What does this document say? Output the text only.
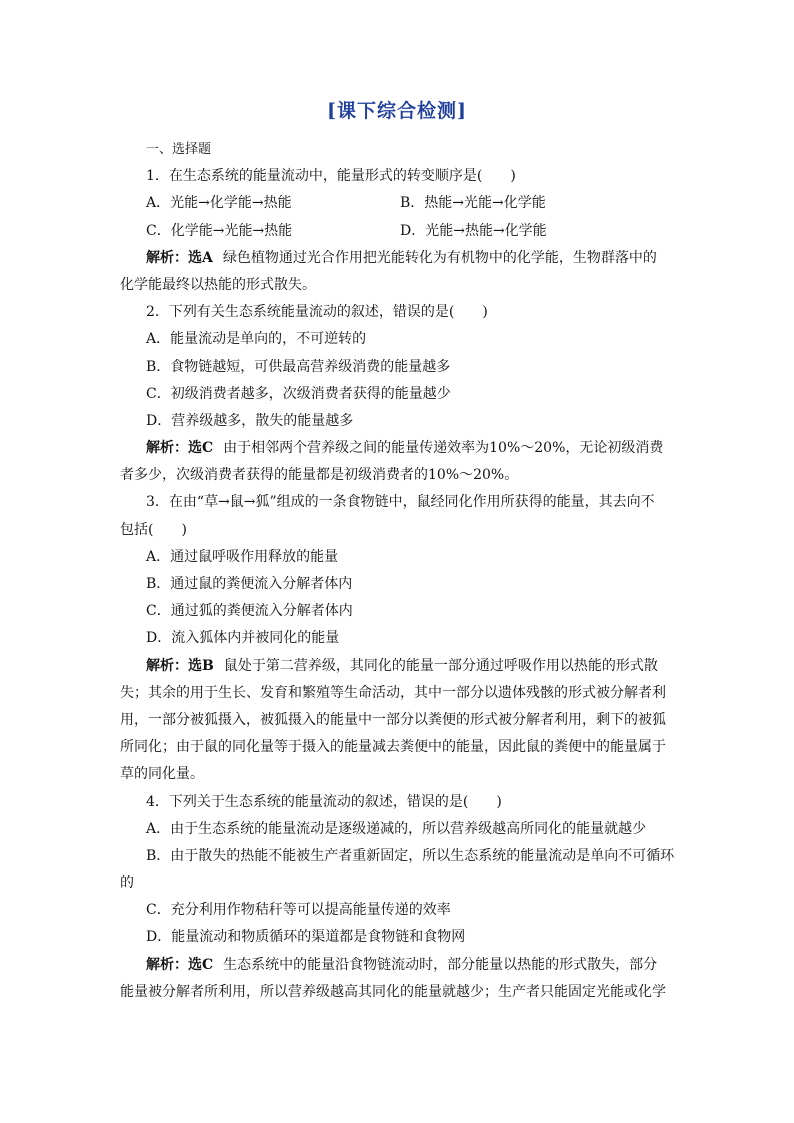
[课下综合检测]
一、选择题
1．在生态系统的能量流动中，能量形式的转变顺序是(　　)
A．光能→化学能→热能	B．热能→光能→化学能
C．化学能→光能→热能	D．光能→热能→化学能
解析：选A 绿色植物通过光合作用把光能转化为有机物中的化学能，生物群落中的
化学能最终以热能的形式散失。
2．下列有关生态系统能量流动的叙述，错误的是(　　)
A．能量流动是单向的，不可逆转的
B．食物链越短，可供最高营养级消费的能量越多
C．初级消费者越多，次级消费者获得的能量越少
D．营养级越多，散失的能量越多
解析：选C 由于相邻两个营养级之间的能量传递效率为10%～20%，无论初级消费
者多少，次级消费者获得的能量都是初级消费者的10%～20%。
3．在由“草→鼠→狐”组成的一条食物链中，鼠经同化作用所获得的能量，其去向不
包括(　　)
A．通过鼠呼吸作用释放的能量
B．通过鼠的粪便流入分解者体内
C．通过狐的粪便流入分解者体内
D．流入狐体内并被同化的能量
解析：选B 鼠处于第二营养级，其同化的能量一部分通过呼吸作用以热能的形式散
失；其余的用于生长、发育和繁殖等生命活动，其中一部分以遗体残骸的形式被分解者利
用，一部分被狐摄入，被狐摄入的能量中一部分以粪便的形式被分解者利用，剩下的被狐
所同化；由于鼠的同化量等于摄入的能量减去粪便中的能量，因此鼠的粪便中的能量属于
草的同化量。
4．下列关于生态系统的能量流动的叙述，错误的是(　　)
A．由于生态系统的能量流动是逐级递减的，所以营养级越高所同化的能量就越少
B．由于散失的热能不能被生产者重新固定，所以生态系统的能量流动是单向不可循环
的
C．充分利用作物秸秆等可以提高能量传递的效率
D．能量流动和物质循环的渠道都是食物链和食物网
解析：选C 生态系统中的能量沿食物链流动时，部分能量以热能的形式散失，部分
能量被分解者所利用，所以营养级越高其同化的能量就越少；生产者只能固定光能或化学
